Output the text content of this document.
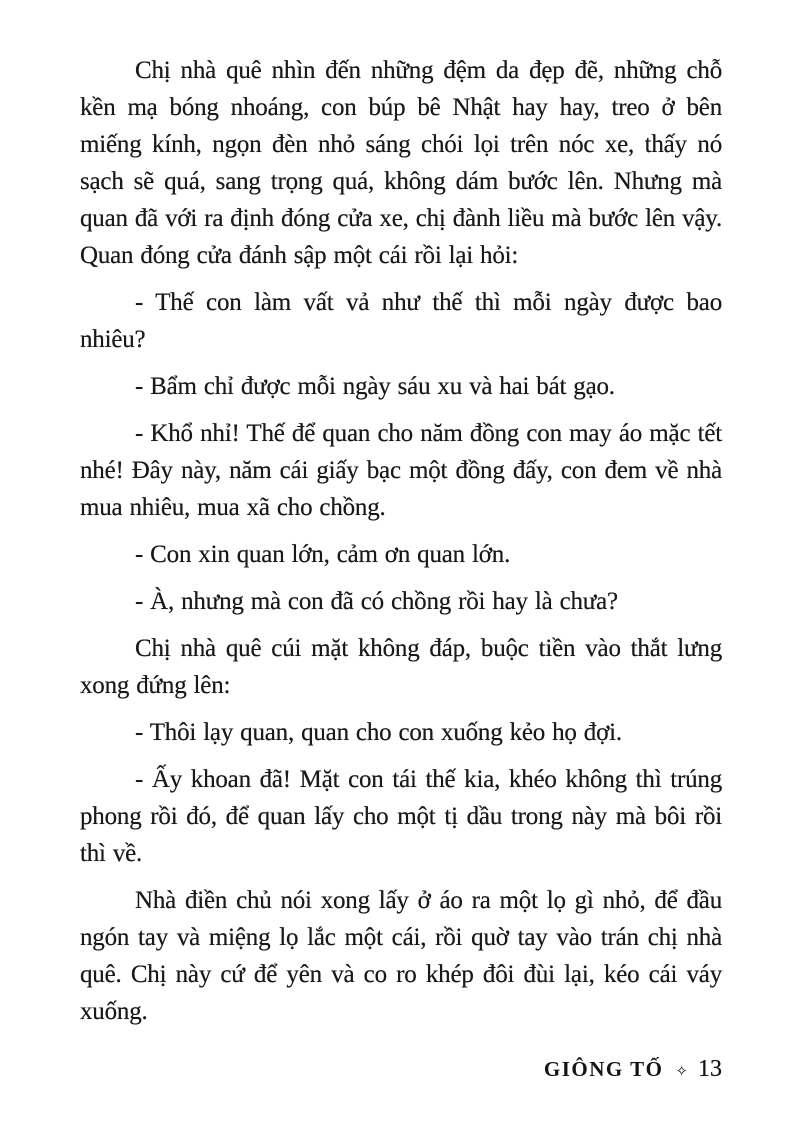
Chị nhà quê nhìn đến những đệm da đẹp đẽ, những chỗ kền mạ bóng nhoáng, con búp bê Nhật hay hay, treo ở bên miếng kính, ngọn đèn nhỏ sáng chói lọi trên nóc xe, thấy nó sạch sẽ quá, sang trọng quá, không dám bước lên. Nhưng mà quan đã với ra định đóng cửa xe, chị đành liều mà bước lên vậy. Quan đóng cửa đánh sập một cái rồi lại hỏi:

- Thế con làm vất vả như thế thì mỗi ngày được bao nhiêu?

- Bẩm chỉ được mỗi ngày sáu xu và hai bát gạo.

- Khổ nhỉ! Thế để quan cho năm đồng con may áo mặc tết nhé! Đây này, năm cái giấy bạc một đồng đấy, con đem về nhà mua nhiêu, mua xã cho chồng.

- Con xin quan lớn, cảm ơn quan lớn.

- À, nhưng mà con đã có chồng rồi hay là chưa?

Chị nhà quê cúi mặt không đáp, buộc tiền vào thắt lưng xong đứng lên:

- Thôi lạy quan, quan cho con xuống kẻo họ đợi.

- Ấy khoan đã! Mặt con tái thế kia, khéo không thì trúng phong rồi đó, để quan lấy cho một tị dầu trong này mà bôi rồi thì về.

Nhà điền chủ nói xong lấy ở áo ra một lọ gì nhỏ, để đầu ngón tay và miệng lọ lắc một cái, rồi quờ tay vào trán chị nhà quê. Chị này cứ để yên và co ro khép đôi đùi lại, kéo cái váy xuống.

GIÔNG TỐ ✧ 13
